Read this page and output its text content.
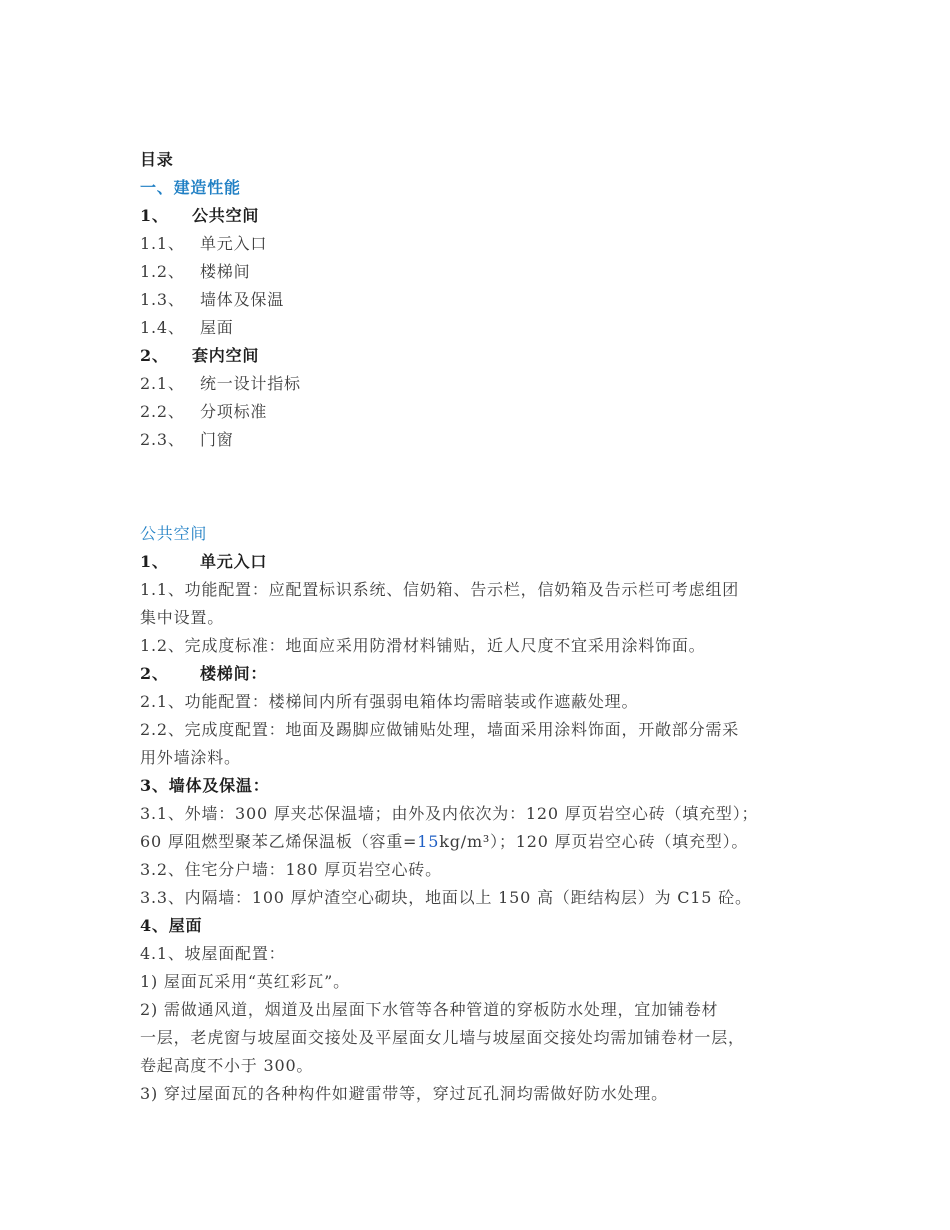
目录
一、建造性能
1、 公共空间
1.1、 单元入口
1.2、 楼梯间
1.3、 墙体及保温
1.4、 屋面
2、 套内空间
2.1、 统一设计指标
2.2、 分项标准
2.3、 门窗
公共空间
1、 单元入口
1.1、功能配置：应配置标识系统、信奶箱、告示栏，信奶箱及告示栏可考虑组团
集中设置。
1.2、完成度标准：地面应采用防滑材料铺贴，近人尺度不宜采用涂料饰面。
2、 楼梯间：
2.1、功能配置：楼梯间内所有强弱电箱体均需暗装或作遮蔽处理。
2.2、完成度配置：地面及踢脚应做铺贴处理，墙面采用涂料饰面，开敞部分需采
用外墙涂料。
3、墙体及保温：
3.1、外墙：300 厚夹芯保温墙；由外及内依次为：120 厚页岩空心砖（填充型）；
60 厚阻燃型聚苯乙烯保温板（容重=15kg/m³）；120 厚页岩空心砖（填充型）。
3.2、住宅分户墙：180 厚页岩空心砖。
3.3、内隔墙：100 厚炉渣空心砌块，地面以上 150 高（距结构层）为 C15 砼。
4、屋面
4.1、坡屋面配置：
1) 屋面瓦采用“英红彩瓦”。
2) 需做通风道，烟道及出屋面下水管等各种管道的穿板防水处理，宜加铺卷材
一层，老虎窗与坡屋面交接处及平屋面女儿墙与坡屋面交接处均需加铺卷材一层，
卷起高度不小于 300。
3) 穿过屋面瓦的各种构件如避雷带等，穿过瓦孔洞均需做好防水处理。
